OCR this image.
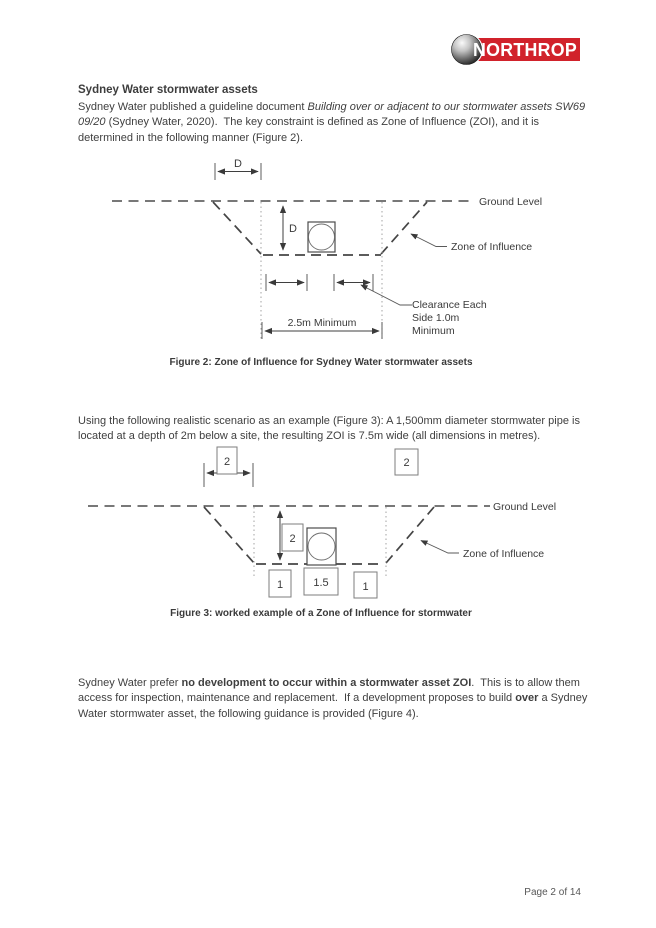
NORTHROP
Sydney Water stormwater assets
Sydney Water published a guideline document Building over or adjacent to our stormwater assets SW69 09/20 (Sydney Water, 2020).  The key constraint is defined as Zone of Influence (ZOI), and it is determined in the following manner (Figure 2).
D
Ground Level
D
Clearance Each
Side 1.0m
Minimum
2.5m Minimum
Zone of Influence
Figure 2: Zone of Influence for Sydney Water stormwater assets
Using the following realistic scenario as an example (Figure 3): A 1,500mm diameter stormwater pipe is located at a depth of 2m below a site, the resulting ZOI is 7.5m wide (all dimensions in metres).
2	2
Ground Level
2
1	1.5	1
Zone of Influence
Figure 3: worked example of a Zone of Influence for stormwater
Sydney Water prefer no development to occur within a stormwater asset ZOI.  This is to allow them access for inspection, maintenance and replacement.  If a development proposes to build over a Sydney Water stormwater asset, the following guidance is provided (Figure 4).
Page 2 of 14
